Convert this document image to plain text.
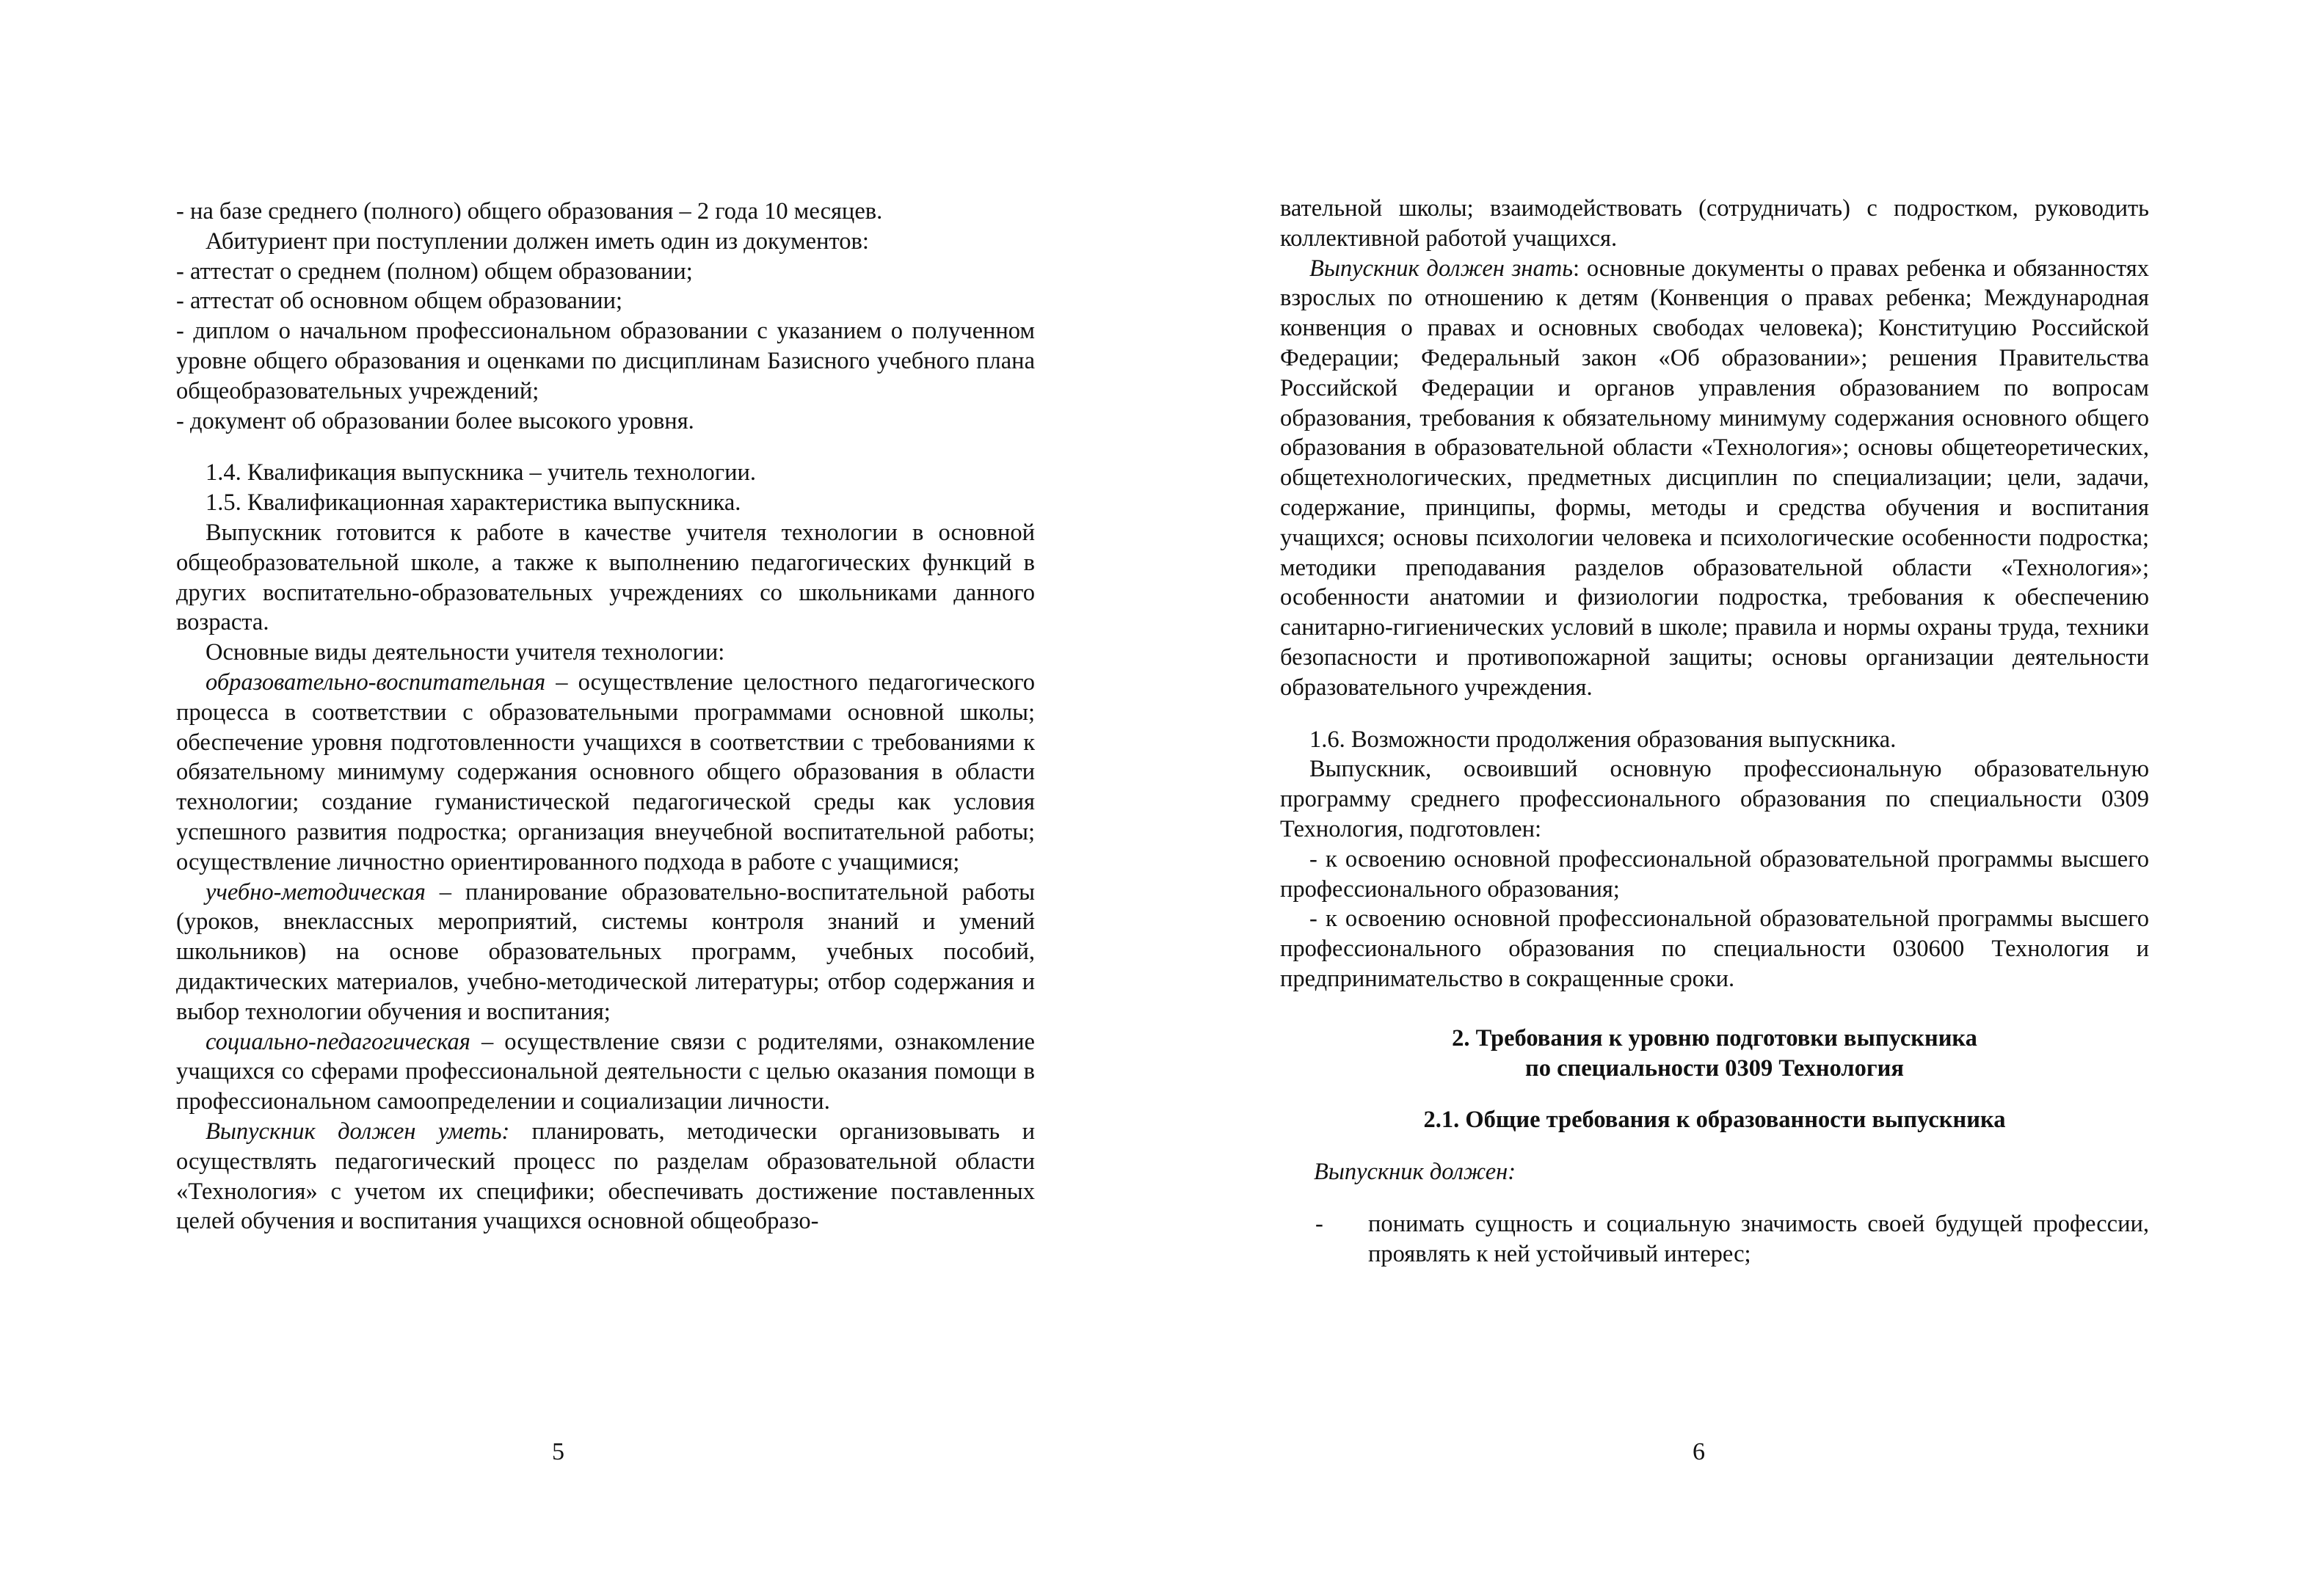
- на базе среднего (полного) общего образования – 2 года 10 месяцев.

Абитуриент при поступлении должен иметь один из документов:

- аттестат о среднем (полном) общем образовании;

- аттестат об основном общем образовании;

- диплом о начальном профессиональном образовании с указанием о полученном уровне общего образования и оценками по дисциплинам Базисного учебного плана общеобразовательных учреждений;

- документ об образовании более высокого уровня.

1.4. Квалификация выпускника – учитель технологии.

1.5. Квалификационная характеристика выпускника.

Выпускник готовится к работе в качестве учителя технологии в основной общеобразовательной школе, а также к выполнению педагогических функций в других воспитательно-образовательных учреждениях со школьниками данного возраста.

Основные виды деятельности учителя технологии:

образовательно-воспитательная – осуществление целостного педагогического процесса в соответствии с образовательными программами основной школы; обеспечение уровня подготовленности учащихся в соответствии с требованиями к обязательному минимуму содержания основного общего образования в области технологии; создание гуманистической педагогической среды как условия успешного развития подростка; организация внеучебной воспитательной работы; осуществление личностно ориентированного подхода в работе с учащимися;

учебно-методическая – планирование образовательно-воспитательной работы (уроков, внеклассных мероприятий, системы контроля знаний и умений школьников) на основе образовательных программ, учебных пособий, дидактических материалов, учебно-методической литературы; отбор содержания и выбор технологии обучения и воспитания;

социально-педагогическая – осуществление связи с родителями, ознакомление учащихся со сферами профессиональной деятельности с целью оказания помощи в профессиональном самоопределении и социализации личности.

Выпускник должен уметь: планировать, методически организовывать и осуществлять педагогический процесс по разделам образовательной области «Технология» с учетом их специфики; обеспечивать достижение поставленных целей обучения и воспитания учащихся основной общеобразо-

5

вательной школы; взаимодействовать (сотрудничать) с подростком, руководить коллективной работой учащихся.

Выпускник должен знать: основные документы о правах ребенка и обязанностях взрослых по отношению к детям (Конвенция о правах ребенка; Международная конвенция о правах и основных свободах человека); Конституцию Российской Федерации; Федеральный закон «Об образовании»; решения Правительства Российской Федерации и органов управления образованием по вопросам образования, требования к обязательному минимуму содержания основного общего образования в образовательной области «Технология»; основы общетеоретических, общетехнологических, предметных дисциплин по специализации; цели, задачи, содержание, принципы, формы, методы и средства обучения и воспитания учащихся; основы психологии человека и психологические особенности подростка; методики преподавания разделов образовательной области «Технология»; особенности анатомии и физиологии подростка, требования к обеспечению санитарно-гигиенических условий в школе; правила и нормы охраны труда, техники безопасности и противопожарной защиты; основы организации деятельности образовательного учреждения.

1.6. Возможности продолжения образования выпускника.

Выпускник, освоивший основную профессиональную образовательную программу среднего профессионального образования по специальности 0309 Технология, подготовлен:

- к освоению основной профессиональной образовательной программы высшего профессионального образования;

- к освоению основной профессиональной образовательной программы высшего профессионального образования по специальности 030600 Технология и предпринимательство в сокращенные сроки.

2. Требования к уровню подготовки выпускника

по специальности 0309 Технология

2.1. Общие требования к образованности выпускника

Выпускник должен:

-	понимать сущность и социальную значимость своей будущей профессии, проявлять к ней устойчивый интерес;
6
